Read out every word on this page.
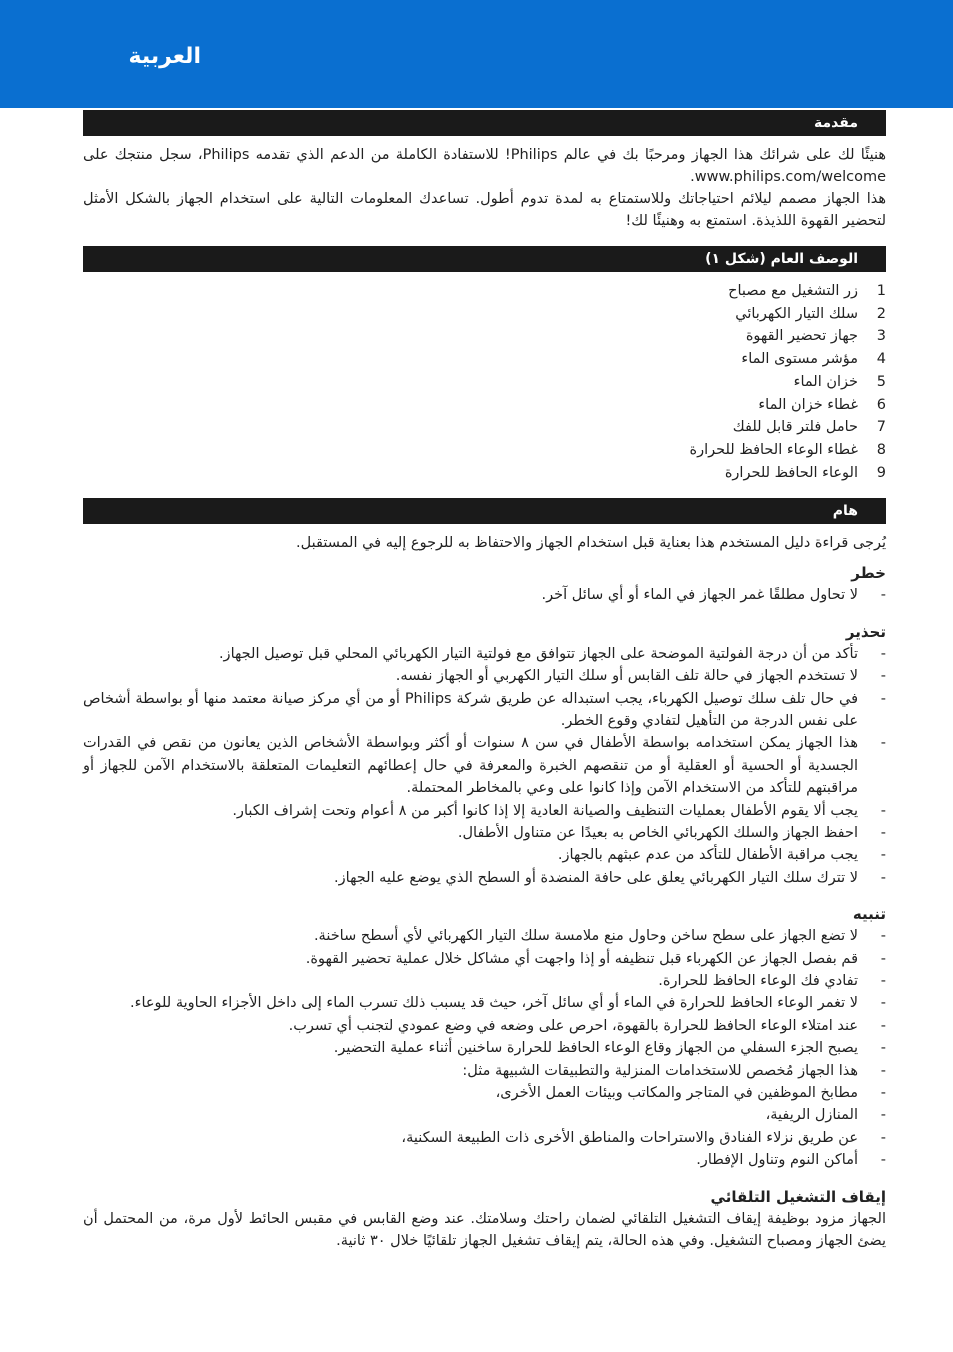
العربية
مقدمة

هنيئًا لك على شرائك هذا الجهاز ومرحبًا بك في عالم Philips! للاستفادة الكاملة من الدعم الذي تقدمه Philips، سجل منتجك على www.philips.com/welcome.

هذا الجهاز مصمم ليلائم احتياجاتك وللاستمتاع به لمدة تدوم أطول. تساعدك المعلومات التالية على استخدام الجهاز بالشكل الأمثل لتحضير القهوة اللذيذة. استمتع به وهنيئًا لك!

الوصف العام (شكل ١)
1
زر التشغيل مع مصباح
2
سلك التيار الكهربائي
3
جهاز تحضير القهوة
4
مؤشر مستوى الماء
5
خزان الماء
6
غطاء خزان الماء
7
حامل فلتر قابل للفك
8
غطاء الوعاء الحافظ للحرارة
9
الوعاء الحافظ للحرارة
هام

يُرجى قراءة دليل المستخدم هذا بعناية قبل استخدام الجهاز والاحتفاظ به للرجوع إليه في المستقبل.

خطر
-
لا تحاول مطلقًا غمر الجهاز في الماء أو أي سائل آخر.
تحذير
-
تأكد من أن درجة الفولتية الموضحة على الجهاز تتوافق مع فولتية التيار الكهربائي المحلي قبل توصيل الجهاز.
-
لا تستخدم الجهاز في حالة تلف القابس أو سلك التيار الكهربي أو الجهاز نفسه.
-
في حال تلف سلك توصيل الكهرباء، يجب استبداله عن طريق شركة Philips أو من أي مركز صيانة معتمد منها أو بواسطة أشخاص على نفس الدرجة من التأهيل لتفادي وقوع الخطر.
-
هذا الجهاز يمكن استخدامه بواسطة الأطفال في سن ٨ سنوات أو أكثر وبواسطة الأشخاص الذين يعانون من نقص في القدرات الجسدية أو الحسية أو العقلية أو من تنقصهم الخبرة والمعرفة في حال إعطائهم التعليمات المتعلقة بالاستخدام الآمن للجهاز أو مراقبتهم للتأكد من الاستخدام الآمن وإذا كانوا على وعي بالمخاطر المحتملة.
-
يجب ألا يقوم الأطفال بعمليات التنظيف والصيانة العادية إلا إذا كانوا أكبر من ٨ أعوام وتحت إشراف الكبار.
-
احفظ الجهاز والسلك الكهربائي الخاص به بعيدًا عن متناول الأطفال.
-
يجب مراقبة الأطفال للتأكد من عدم عبثهم بالجهاز.
-
لا تترك سلك التيار الكهربائي يعلق على حافة المنضدة أو السطح الذي يوضع عليه الجهاز.
تنبيه
-
لا تضع الجهاز على سطح ساخن وحاول منع ملامسة سلك التيار الكهربائي لأي أسطح ساخنة.
-
قم بفصل الجهاز عن الكهرباء قبل تنظيفه أو إذا واجهت أي مشاكل خلال عملية تحضير القهوة.
-
تفادي فك الوعاء الحافظ للحرارة.
-
لا تغمر الوعاء الحافظ للحرارة في الماء أو أي سائل آخر، حيث قد يسبب ذلك تسرب الماء إلى داخل الأجزاء الحاوية للوعاء.
-
عند امتلاء الوعاء الحافظ للحرارة بالقهوة، احرص على وضعه في وضع عمودي لتجنب أي تسرب.
-
يصبح الجزء السفلي من الجهاز وقاع الوعاء الحافظ للحرارة ساخنين أثناء عملية التحضير.
-
هذا الجهاز مُخصص للاستخدامات المنزلية والتطبيقات الشبيهة مثل:
-
مطابخ الموظفين في المتاجر والمكاتب وبيئات العمل الأخرى،
-
المنازل الريفية،
-
عن طريق نزلاء الفنادق والاستراحات والمناطق الأخرى ذات الطبيعة السكنية،
-
أماكن النوم وتناول الإفطار.
إيقاف التشغيل التلقائي

الجهاز مزود بوظيفة إيقاف التشغيل التلقائي لضمان راحتك وسلامتك. عند وضع القابس في مقبس الحائط لأول مرة، من المحتمل أن يضئ الجهاز ومصباح التشغيل. وفي هذه الحالة، يتم إيقاف تشغيل الجهاز تلقائيًا خلال ٣٠ ثانية.
